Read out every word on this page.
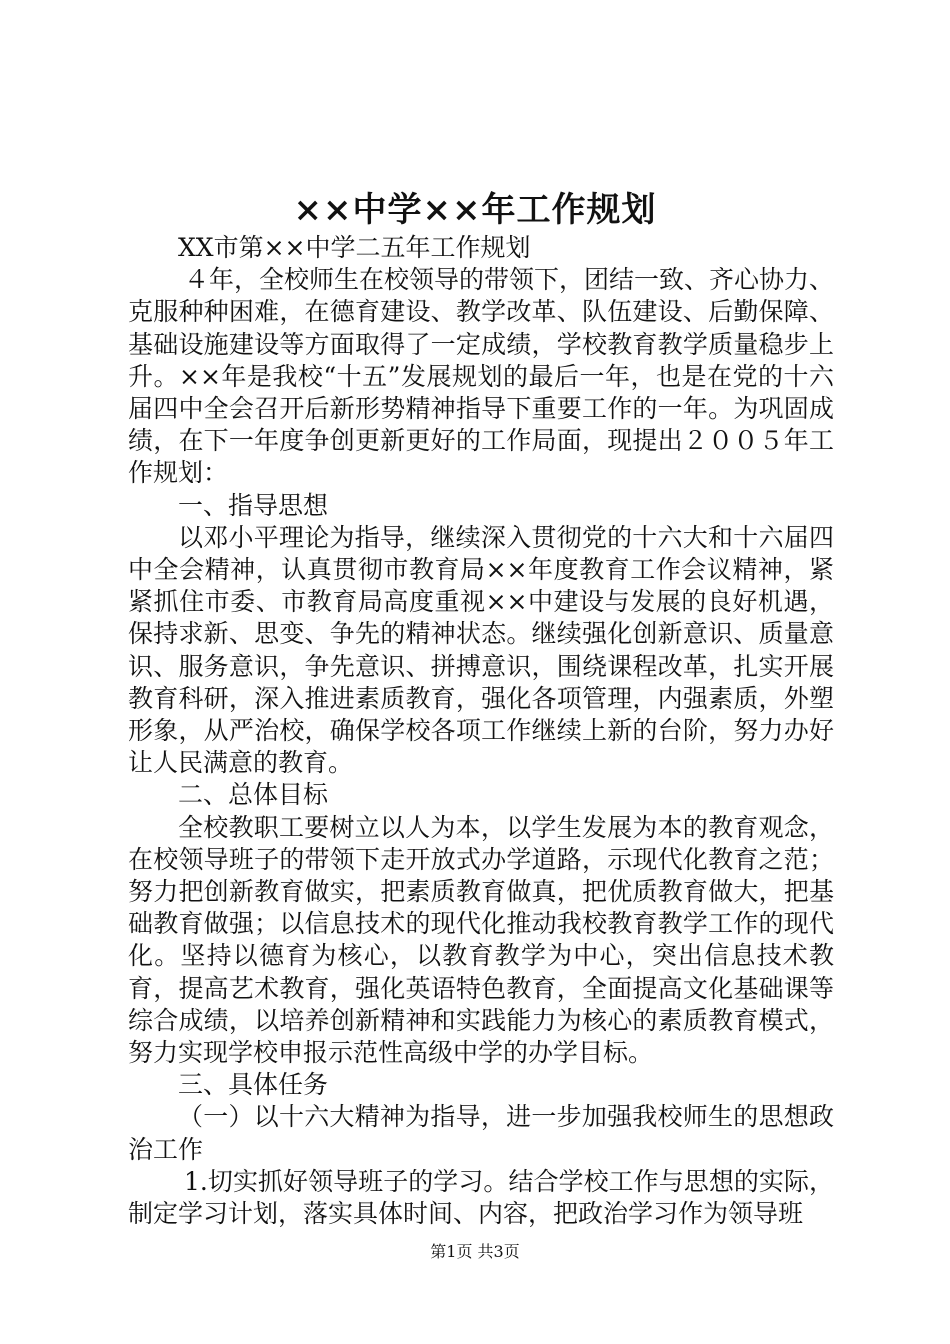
××中学××年工作规划

XX市第××中学二五年工作规划

４年，全校师生在校领导的带领下，团结一致、齐心协力、克服种种困难，在德育建设、教学改革、队伍建设、后勤保障、基础设施建设等方面取得了一定成绩，学校教育教学质量稳步上升。××年是我校“十五”发展规划的最后一年，也是在党的十六届四中全会召开后新形势精神指导下重要工作的一年。为巩固成绩，在下一年度争创更新更好的工作局面，现提出２００５年工作规划：

一、指导思想

以邓小平理论为指导，继续深入贯彻党的十六大和十六届四中全会精神，认真贯彻市教育局××年度教育工作会议精神，紧紧抓住市委、市教育局高度重视××中建设与发展的良好机遇，保持求新、思变、争先的精神状态。继续强化创新意识、质量意识、服务意识，争先意识、拼搏意识，围绕课程改革，扎实开展教育科研，深入推进素质教育，强化各项管理，内强素质，外塑形象，从严治校，确保学校各项工作继续上新的台阶，努力办好让人民满意的教育。

二、总体目标

全校教职工要树立以人为本，以学生发展为本的教育观念，在校领导班子的带领下走开放式办学道路，示现代化教育之范；努力把创新教育做实，把素质教育做真，把优质教育做大，把基础教育做强；以信息技术的现代化推动我校教育教学工作的现代化。坚持以德育为核心，以教育教学为中心，突出信息技术教育，提高艺术教育，强化英语特色教育，全面提高文化基础课等综合成绩，以培养创新精神和实践能力为核心的素质教育模式，努力实现学校申报示范性高级中学的办学目标。

三、具体任务

（一）以十六大精神为指导，进一步加强我校师生的思想政治工作

1.切实抓好领导班子的学习。结合学校工作与思想的实际，制定学习计划，落实具体时间、内容，把政治学习作为领导班

第1页 共3页
